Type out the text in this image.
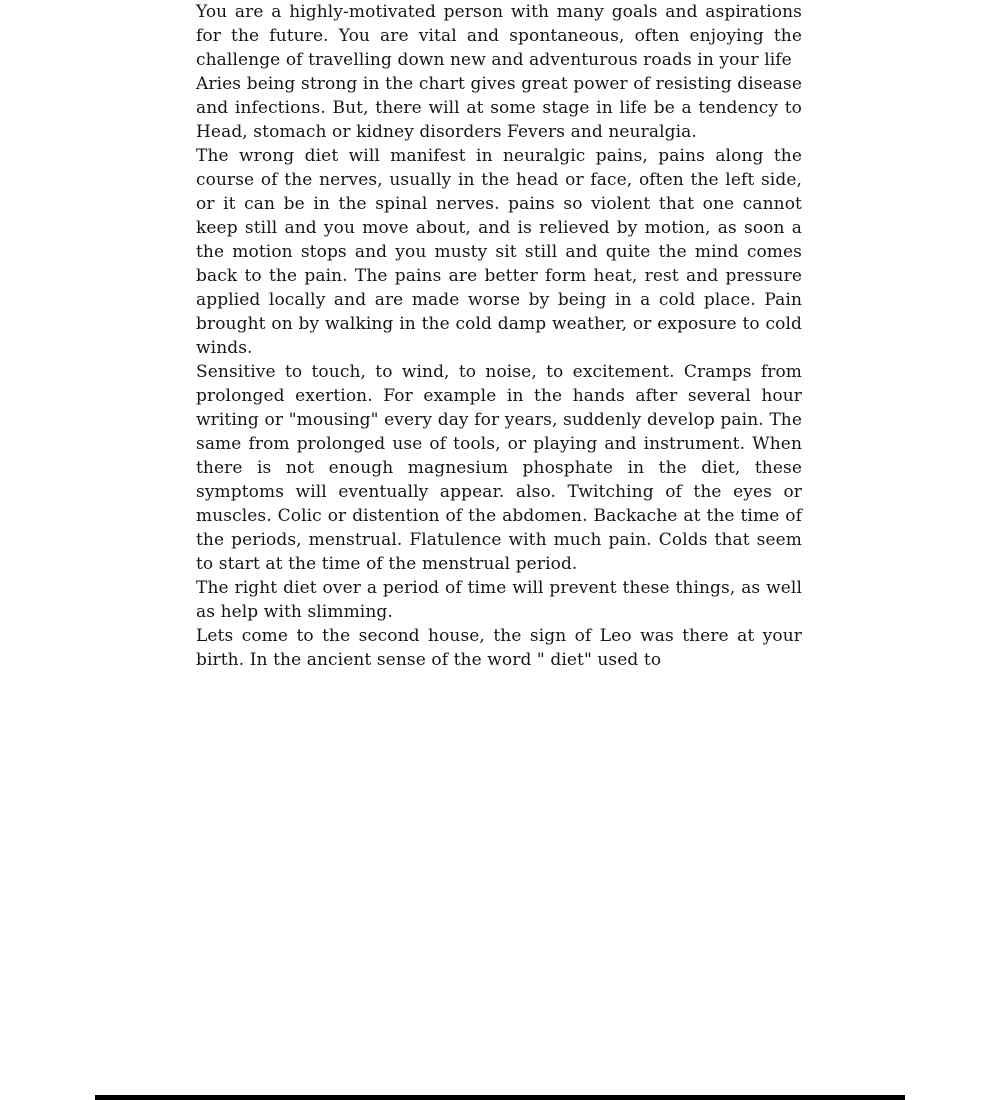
You are a highly-motivated person with many goals and aspirations for the future. You are vital and spontaneous, often enjoying the challenge of travelling down new and adventurous roads in your life

Aries being strong in the chart gives great power of resisting disease and infections. But, there will at some stage in life be a tendency to Head, stomach or kidney disorders Fevers and neuralgia.

The wrong diet will manifest in neuralgic pains, pains along the course of the nerves, usually in the head or face, often the left side, or it can be in the spinal nerves. pains so violent that one cannot keep still and you move about, and is relieved by motion, as soon a the motion stops and you musty sit still and quite the mind comes back to the pain. The pains are better form heat, rest and pressure applied locally and are made worse by being in a cold place. Pain brought on by walking in the cold damp weather, or exposure to cold winds.

Sensitive to touch, to wind, to noise, to excitement. Cramps from prolonged exertion. For example in the hands after several hour writing or "mousing" every day for years, suddenly develop pain. The same from prolonged use of tools, or playing and instrument. When there is not enough magnesium phosphate in the diet, these symptoms will eventually appear. also. Twitching of the eyes or muscles. Colic or distention of the abdomen. Backache at the time of the periods, menstrual. Flatulence with much pain. Colds that seem to start at the time of the menstrual period.

The right diet over a period of time will prevent these things, as well as help with slimming.

Lets come to the second house, the sign of Leo was there at your birth. In the ancient sense of the word " diet" used to
